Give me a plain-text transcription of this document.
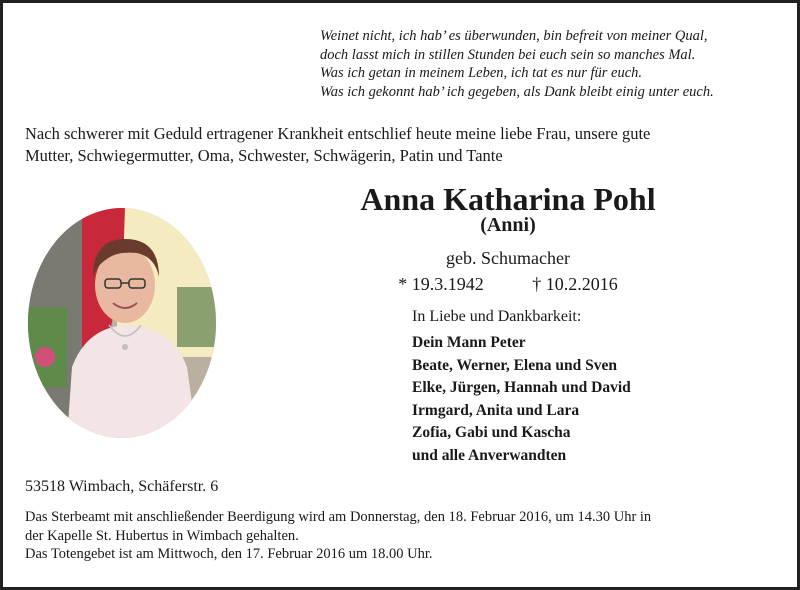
Weinet nicht, ich hab’ es überwunden, bin befreit von meiner Qual,
doch lasst mich in stillen Stunden bei euch sein so manches Mal.
Was ich getan in meinem Leben, ich tat es nur für euch.
Was ich gekonnt hab’ ich gegeben, als Dank bleibt einig unter euch.
Nach schwerer mit Geduld ertragener Krankheit entschlief heute meine liebe Frau, unsere gute
Mutter, Schwiegermutter, Oma, Schwester, Schwägerin, Patin und Tante
Anna Katharina Pohl
(Anni)
geb. Schumacher
* 19.3.1942	† 10.2.2016
In Liebe und Dankbarkeit:
Dein Mann Peter
Beate, Werner, Elena und Sven
Elke, Jürgen, Hannah und David
Irmgard, Anita und Lara
Zofia, Gabi und Kascha
und alle Anverwandten
53518 Wimbach, Schäferstr. 6
Das Sterbeamt mit anschließender Beerdigung wird am Donnerstag, den 18. Februar 2016, um 14.30 Uhr in
der Kapelle St. Hubertus in Wimbach gehalten.
Das Totengebet ist am Mittwoch, den 17. Februar 2016 um 18.00 Uhr.
